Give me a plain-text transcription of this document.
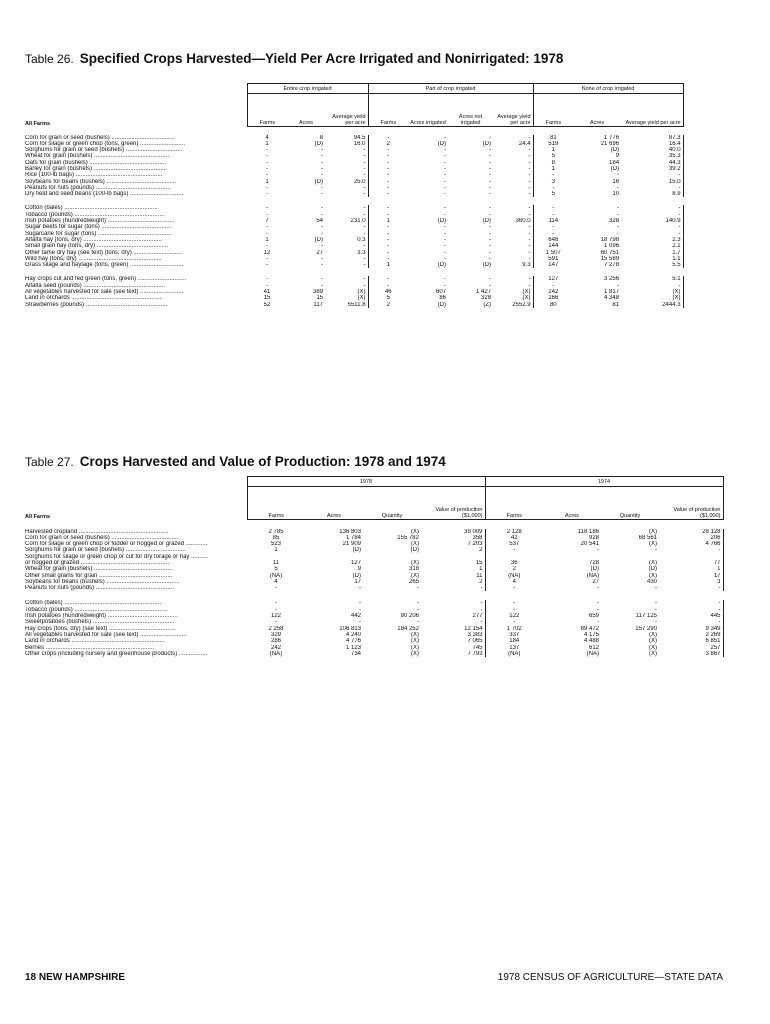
Table 26. Specified Crops Harvested—Yield Per Acre Irrigated and Nonirrigated: 1978
All Farms	Entire crop irrigated			Part of crop irrigated				None of crop irrigated			
	Farms	Acres	Average yield per acre	Farms	Acres irrigated	Acres not irrigated	Average yield per acre	Farms	Acres	Average yield per acre	

Corn for grain or seed (bushels) ......................................	4	8	94.5	-	-	-	-	81	1 776	87.3	
Corn for silage or green chop (tons, green) ...........................	1	(D)	16.0	2	(D)	(D)	24.4	519	21 696	16.4	
Sorghums for grain or seed (bushels) ..................................	-	-	-	-	-	-	-	1	(D)	40.0	
Wheat for grain (bushels) .............................................	-	-	-	-	-	-	-	5	9	35.3	
Oats for grain (bushels) ..............................................	-	-	-	-	-	-	-	8	184	44.3	
Barley for grain (bushels) ............................................	-	-	-	-	-	-	-	1	(D)	39.2	
Rice (100-lb bags) ....................................................	-	-	-	-	-	-	-	-	-	-	
Soybeans for beans (bushels) ..........................................	1	(D)	25.0	-	-	-	-	3	16	15.0	
Peanuts for nuts (pounds) .............................................	-	-	-	-	-	-	-	-	-	-	
Dry field and seed beans (100-lb bags) ................................	-	-	-	-	-	-	-	5	10	8.9	

Cotton (bales) ........................................................	-	-	-	-	-	-	-	-	-	-	
Tobacco (pounds) ......................................................	-	-	-	-	-	-	-	-	-	-	
Irish potatoes (hundredweight) ........................................	7	54	231.0	1	(D)	(D)	360.0	114	328	140.9	
Sugar beets for sugar (tons) ..........................................	-	-	-	-	-	-	-	-	-	-	
Sugarcane for sugar (tons) ............................................	-	-	-	-	-	-	-	-	-	-	
Alfalfa hay (tons, dry) ...............................................	1	(D)	0.3	-	-	-	-	646	18 798	2.3	
Small grain hay (tons, dry) ...........................................	-	-	-	-	-	-	-	144	1 096	2.1	
Other tame dry hay (see text) (tons, dry) .............................	12	27	3.3	-	-	-	-	1 507	60 751	1.7	
Wild hay (tons, dry) ..................................................	-	-	-	-	-	-	-	591	15 589	1.1	
Grass silage and haylage (tons, green) ................................	-	-	-	1	(D)	(D)	9.3	147	7 278	5.5	

Hay crops cut and fed green (tons, green) .............................	-	-	-	-	-	-	-	127	3 256	5.1	
Alfalfa seed (pounds) .................................................	-	-	-	-	-	-	-	-	-	-	
All vegetables harvested for sale (see text) ..........................	41	389	(X)	46	607	1 427	(X)	242	1 817	(X)	
Land in orchards ......................................................	15	15	(X)	5	86	328	(X)	266	4 348	(X)	
Strawberries (pounds) .................................................	52	117	5511.8	2	(D)	(Z)	2552.9	80	81	2444.3	
Table 27. Crops Harvested and Value of Production: 1978 and 1974
All Farms	1978				1974			
	Farms	Acres	Quantity	Value of production ($1,000)	Farms	Acres	Quantity	Value of production ($1,000)

Harvested cropland ......................................................	2 785	136 803	(X)	39 009	2 128	118 186	(X)	28 128
Corn for grain or seed (bushels) ........................................	85	1 784	155 782	358	42	928	68 561	206
Corn for silage or green chop or fodder or hogged or grazed .............	523	21 909	(X)	7 203	537	20 541	(X)	4 766
Sorghums for grain or seed (bushels) ....................................	1	(D)	(D)	2	-	-	-	-
Sorghums for silage or green chop or cut for dry forage or hay ..........								
or hogged or grazed .....................................................	11	127	(X)	15	36	728	(X)	77
Wheat for grain (bushels) ...............................................	5	9	318	1	2	(D)	(D)	1
Other small grains for grain ............................................	(NA)	(D)	(X)	11	(NA)	(NA)	(X)	17
Soybeans for beans (bushels) ............................................	4	17	265	2	4	27	430	3
Peanuts for nuts (pounds) ...............................................	-	-	-	-	-	-	-	-

Cotton (bales) ..........................................................	-	-	-	-	-	-	-	-
Tobacco (pounds) ........................................................	-	-	-	-	-	-	-	-
Irish potatoes (hundredweight) ..........................................	122	442	80 206	277	122	659	117 125	445
Sweetpotatoes (bushels) .................................................	-	-	-	-	-	-	-	-
Hay crops (tons, dry) (see text) ........................................	2 258	106 813	184 252	12 154	1 702	89 472	157 290	9 349
All vegetables harvested for sale (see text) ............................	329	4 240	(X)	3 383	337	4 175	(X)	2 269
Land in orchards ........................................................	286	4 776	(X)	7 065	184	4 488	(X)	6 851
Berries .................................................................	242	1 123	(X)	745	137	612	(X)	257
Other crops (including nursery and greenhouse products) .................	(NA)	734	(X)	7 793	(NA)	(NA)	(X)	3 867
18 NEW HAMPSHIRE	1978 CENSUS OF AGRICULTURE—STATE DATA
